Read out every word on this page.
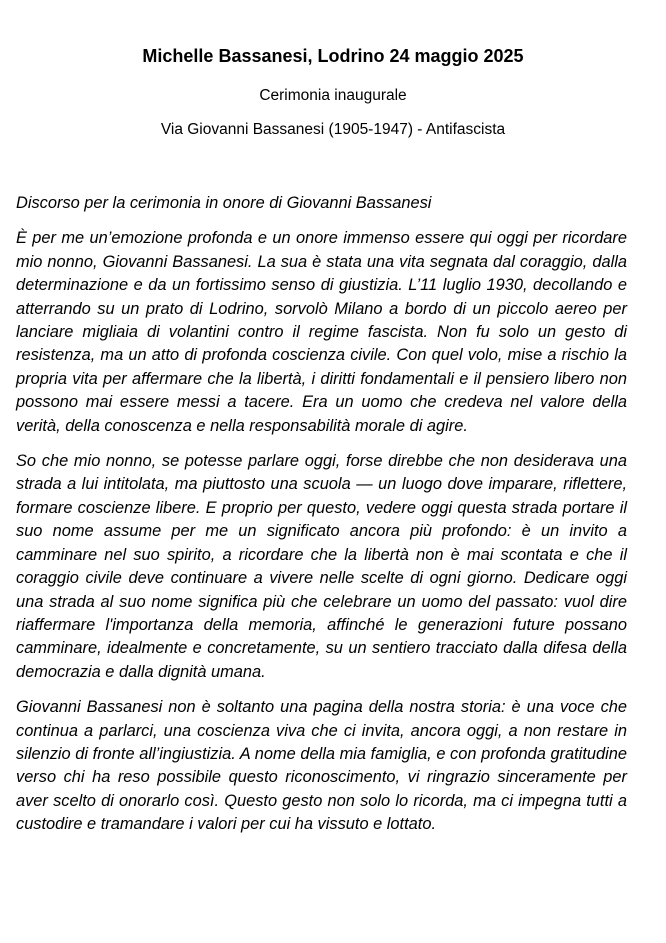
Michelle Bassanesi, Lodrino 24 maggio 2025
Cerimonia inaugurale
Via Giovanni Bassanesi (1905-1947) - Antifascista

Discorso per la cerimonia in onore di Giovanni Bassanesi

È per me un’emozione profonda e un onore immenso essere qui oggi per ricordare mio nonno, Giovanni Bassanesi. La sua è stata una vita segnata dal coraggio, dalla determinazione e da un fortissimo senso di giustizia. L’11 luglio 1930, decollando e atterrando su un prato di Lodrino, sorvolò Milano a bordo di un piccolo aereo per lanciare migliaia di volantini contro il regime fascista. Non fu solo un gesto di resistenza, ma un atto di profonda coscienza civile. Con quel volo, mise a rischio la propria vita per affermare che la libertà, i diritti fondamentali e il pensiero libero non possono mai essere messi a tacere. Era un uomo che credeva nel valore della verità, della conoscenza e nella responsabilità morale di agire.

So che mio nonno, se potesse parlare oggi, forse direbbe che non desiderava una strada a lui intitolata, ma piuttosto una scuola — un luogo dove imparare, riflettere, formare coscienze libere. E proprio per questo, vedere oggi questa strada portare il suo nome assume per me un significato ancora più profondo: è un invito a camminare nel suo spirito, a ricordare che la libertà non è mai scontata e che il coraggio civile deve continuare a vivere nelle scelte di ogni giorno. Dedicare oggi una strada al suo nome significa più che celebrare un uomo del passato: vuol dire riaffermare l'importanza della memoria, affinché le generazioni future possano camminare, idealmente e concretamente, su un sentiero tracciato dalla difesa della democrazia e dalla dignità umana.

Giovanni Bassanesi non è soltanto una pagina della nostra storia: è una voce che continua a parlarci, una coscienza viva che ci invita, ancora oggi, a non restare in silenzio di fronte all’ingiustizia. A nome della mia famiglia, e con profonda gratitudine verso chi ha reso possibile questo riconoscimento, vi ringrazio sinceramente per aver scelto di onorarlo così. Questo gesto non solo lo ricorda, ma ci impegna tutti a custodire e tramandare i valori per cui ha vissuto e lottato.
